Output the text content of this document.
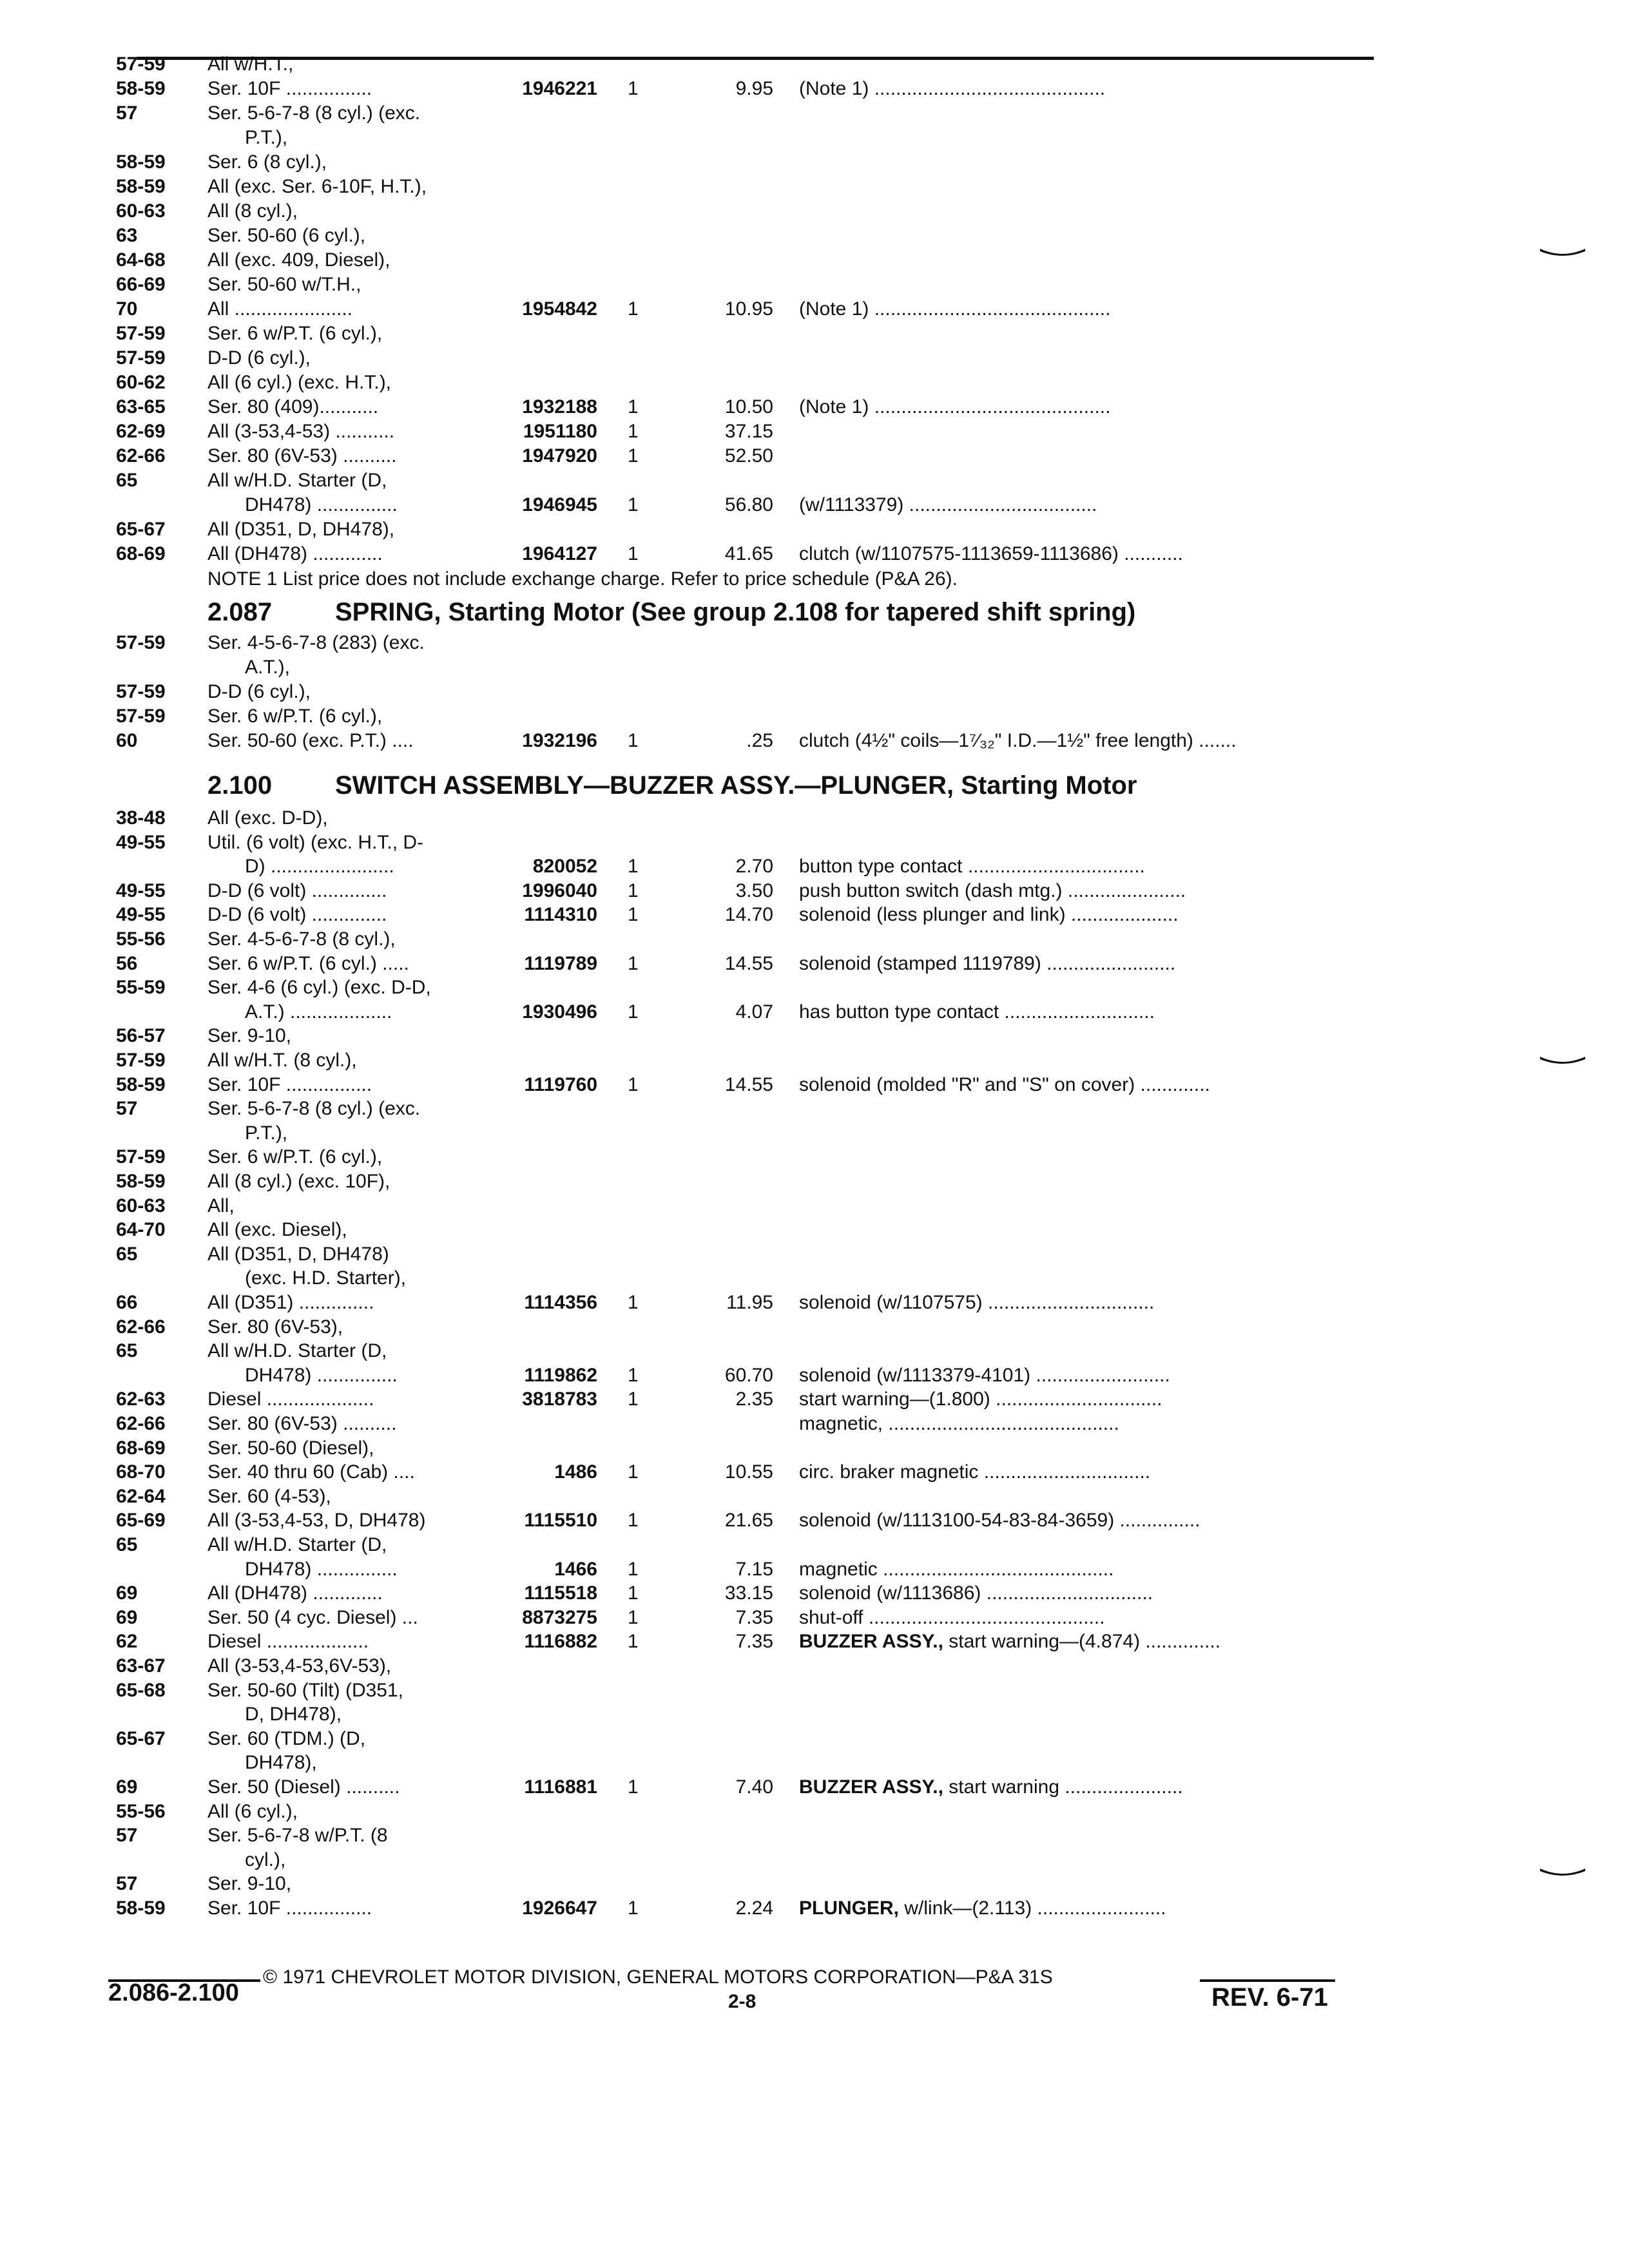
57-59 All w/H.T.,
58-59 Ser. 10F ................	1946221 1	9.95 (Note 1) ...........................................
57	Ser. 5-6-7-8 (8 cyl.) (exc.
P.T.),
58-59 Ser. 6 (8 cyl.),
58-59 All (exc. Ser. 6-10F, H.T.),
60-63 All (8 cyl.),
63	Ser. 50-60 (6 cyl.),
64-68 All (exc. 409, Diesel),
66-69 Ser. 50-60 w/T.H.,
70	All ......................	1954842 1	10.95 (Note 1) ............................................
57-59 Ser. 6 w/P.T. (6 cyl.),
57-59 D-D (6 cyl.),
60-62 All (6 cyl.) (exc. H.T.),
63-65 Ser. 80 (409)...........	1932188 1	10.50 (Note 1) ............................................
62-69 All (3-53,4-53) ...........	1951180 1	37.15
62-66 Ser. 80 (6V-53) ..........	1947920 1	52.50
65	All w/H.D. Starter (D,
DH478) ...............	1946945 1	56.80 (w/1113379) ...................................
65-67 All (D351, D, DH478),
68-69 All (DH478) .............	1964127 1	41.65 clutch (w/1107575-1113659-1113686) ...........
NOTE 1 List price does not include exchange charge. Refer to price schedule (P&A 26).
2.087 SPRING, Starting Motor (See group 2.108 for tapered shift spring)
57-59 Ser. 4-5-6-7-8 (283) (exc.
A.T.),
57-59 D-D (6 cyl.),
57-59 Ser. 6 w/P.T. (6 cyl.),
60	Ser. 50-60 (exc. P.T.) ....	1932196 1	.25 clutch (4½" coils—1⁷⁄₃₂" I.D.—1½" free length) .......
2.100 SWITCH ASSEMBLY—BUZZER ASSY.—PLUNGER, Starting Motor
38-48 All (exc. D-D),
49-55 Util. (6 volt) (exc. H.T., D-
D) .......................	820052 1	2.70 button type contact .................................
49-55 D-D (6 volt) ..............	1996040 1	3.50 push button switch (dash mtg.) ......................
49-55 D-D (6 volt) ..............	1114310 1	14.70 solenoid (less plunger and link) ....................
55-56 Ser. 4-5-6-7-8 (8 cyl.),
56	Ser. 6 w/P.T. (6 cyl.) .....	1119789 1	14.55 solenoid (stamped 1119789) ........................
55-59 Ser. 4-6 (6 cyl.) (exc. D-D,
A.T.) ...................	1930496 1	4.07 has button type contact ............................
56-57 Ser. 9-10,
57-59 All w/H.T. (8 cyl.),
58-59 Ser. 10F ................	1119760 1	14.55 solenoid (molded "R" and "S" on cover) .............
57	Ser. 5-6-7-8 (8 cyl.) (exc.
P.T.),
57-59 Ser. 6 w/P.T. (6 cyl.),
58-59 All (8 cyl.) (exc. 10F),
60-63 All,
64-70 All (exc. Diesel),
65	All (D351, D, DH478)
(exc. H.D. Starter),
66	All (D351) ..............	1114356 1	11.95 solenoid (w/1107575) ...............................
62-66 Ser. 80 (6V-53),
65	All w/H.D. Starter (D,
DH478) ...............	1119862 1	60.70 solenoid (w/1113379-4101) .........................
62-63 Diesel ....................	3818783 1	2.35 start warning—(1.800) ...............................
62-66 Ser. 80 (6V-53) ..........	magnetic, ...........................................
68-69 Ser. 50-60 (Diesel),
68-70 Ser. 40 thru 60 (Cab) ....	1486 1	10.55 circ. braker magnetic ...............................
62-64 Ser. 60 (4-53),
65-69 All (3-53,4-53, D, DH478)	1115510 1	21.65 solenoid (w/1113100-54-83-84-3659) ...............
65	All w/H.D. Starter (D,
DH478) ...............	1466 1	7.15 magnetic ...........................................
69	All (DH478) .............	1115518 1	33.15 solenoid (w/1113686) ...............................
69	Ser. 50 (4 cyc. Diesel) ...	8873275 1	7.35 shut-off ............................................
62	Diesel ...................	1116882 1	7.35 BUZZER ASSY., start warning—(4.874) ..............
63-67 All (3-53,4-53,6V-53),
65-68 Ser. 50-60 (Tilt) (D351,
D, DH478),
65-67 Ser. 60 (TDM.) (D,
DH478),
69	Ser. 50 (Diesel) ..........	1116881 1	7.40 BUZZER ASSY., start warning ......................
55-56 All (6 cyl.),
57	Ser. 5-6-7-8 w/P.T. (8
cyl.),
57	Ser. 9-10,
58-59 Ser. 10F ................	1926647 1	2.24 PLUNGER, w/link—(2.113) ........................
© 1971 CHEVROLET MOTOR DIVISION, GENERAL MOTORS CORPORATION—P&A 31S
2.086-2.100	2-8	REV. 6-71
